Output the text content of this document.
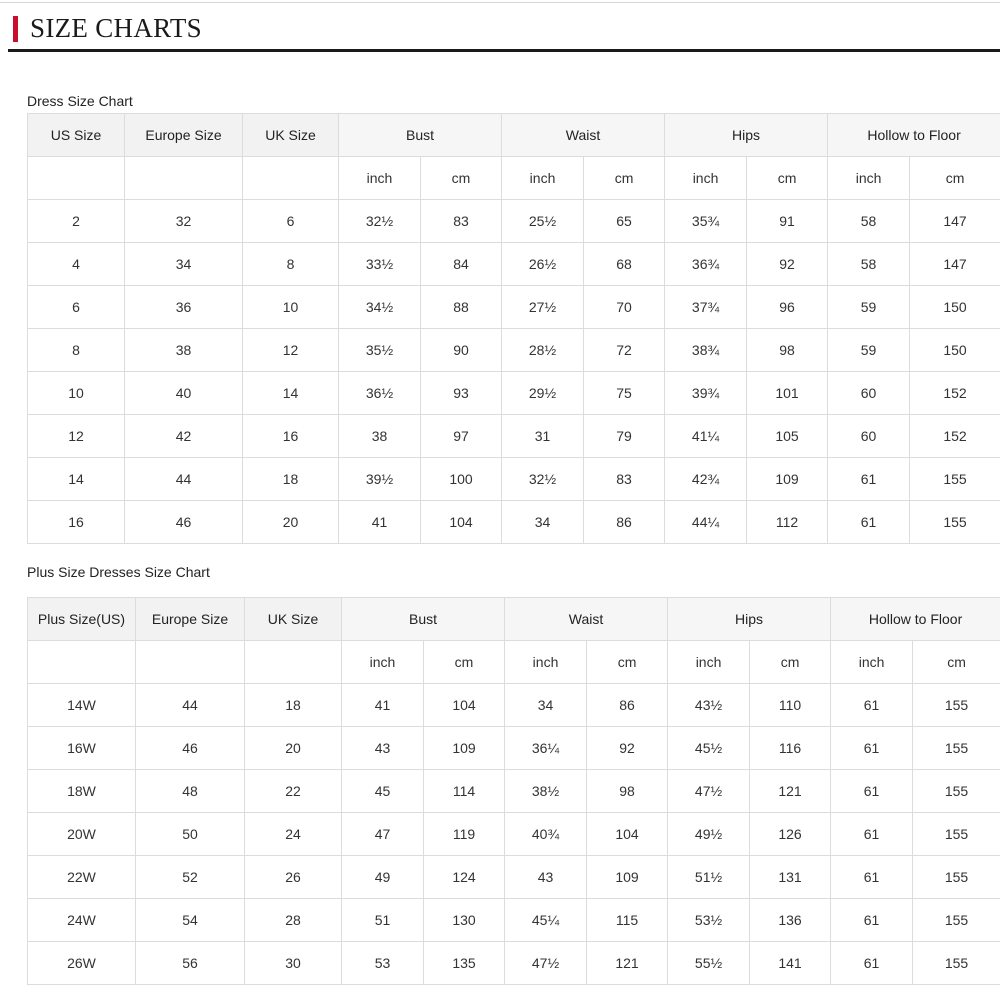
SIZE CHARTS
Dress Size Chart
US Size	Europe Size	UK Size	Bust		Waist		Hips		Hollow to Floor	
			inch	cm	inch	cm	inch	cm	inch	cm
2	32	6	32½	83	25½	65	35¾	91	58	147
4	34	8	33½	84	26½	68	36¾	92	58	147
6	36	10	34½	88	27½	70	37¾	96	59	150
8	38	12	35½	90	28½	72	38¾	98	59	150
10	40	14	36½	93	29½	75	39¾	101	60	152
12	42	16	38	97	31	79	41¼	105	60	152
14	44	18	39½	100	32½	83	42¾	109	61	155
16	46	20	41	104	34	86	44¼	112	61	155
Plus Size Dresses Size Chart
Plus Size(US)	Europe Size	UK Size	Bust		Waist		Hips		Hollow to Floor	
			inch	cm	inch	cm	inch	cm	inch	cm
14W	44	18	41	104	34	86	43½	110	61	155
16W	46	20	43	109	36¼	92	45½	116	61	155
18W	48	22	45	114	38½	98	47½	121	61	155
20W	50	24	47	119	40¾	104	49½	126	61	155
22W	52	26	49	124	43	109	51½	131	61	155
24W	54	28	51	130	45¼	115	53½	136	61	155
26W	56	30	53	135	47½	121	55½	141	61	155
